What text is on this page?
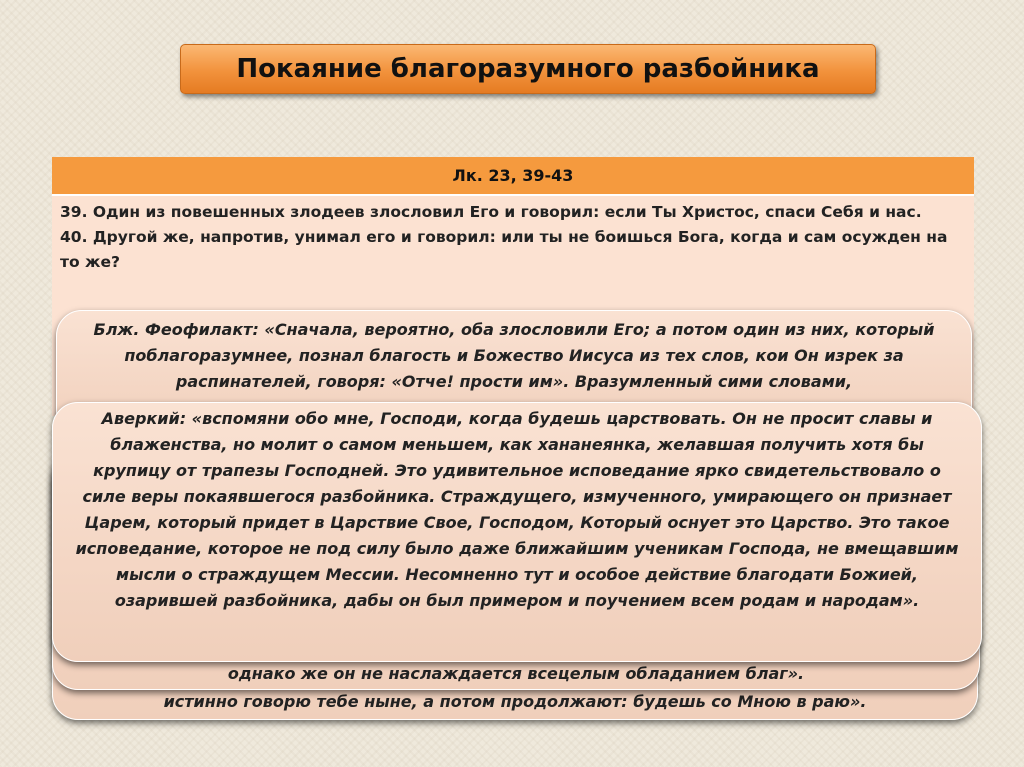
Покаяние благоразумного разбойника
Лк. 23, 39-43

39. Один из повешенных злодеев злословил Его и говорил: если Ты Христос, спаси Себя и нас.

40. Другой же, напротив, унимал его и говорил: или ты не боишься Бога, когда и сам осужден на то же?

истинно говорю тебе ныне, а потом продолжают: будешь со Мною в раю».
однако же он не наслаждается всецелым обладанием благ».
Блж. Феофилакт: «Сначала, вероятно, оба злословили Его; а потом один из них, который поблагоразумнее, познал благость и Божество Иисуса из тех слов, кои Он изрек за распинателей, говоря: «Отче! прости им». Вразумленный сими словами,
Аверкий: «вспомяни обо мне, Господи, когда будешь царствовать. Он не просит славы и блаженства, но молит о самом меньшем, как хананеянка, желавшая получить хотя бы крупицу от трапезы Господней. Это удивительное исповедание ярко свидетельствовало о силе веры покаявшегося разбойника. Страждущего, измученного, умирающего он признает Царем, который придет в Царствие Свое, Господом, Который оснует это Царство. Это такое исповедание, которое не под силу было даже ближайшим ученикам Господа, не вмещавшим мысли о страждущем Мессии. Несомненно тут и особое действие благодати Божией, озарившей разбойника, дабы он был примером и поучением всем родам и народам».
